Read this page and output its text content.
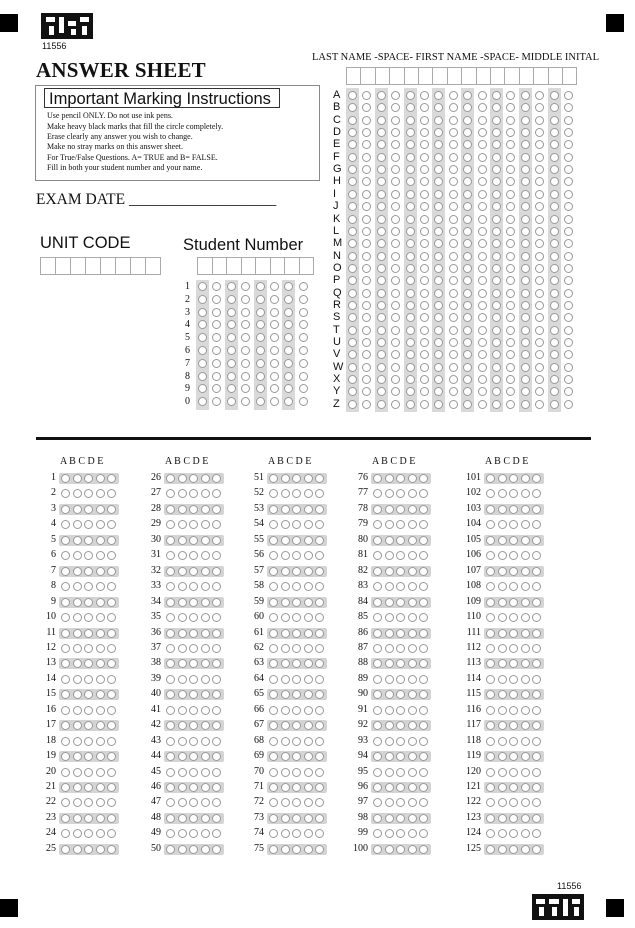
11556
ANSWER SHEET
Important Marking Instructions
Use pencil ONLY. Do not use ink pens.
Make heavy black marks that fill the circle completely.
Erase clearly any answer you wish to change.
Make no stray marks on this answer sheet.
For True/False Questions. A= TRUE and B= FALSE.
Fill in both your student number and your name.
EXAM DATE ___________________
UNIT CODE	Student Number
1
2
3
4
5
6
7
8
9
0
LAST NAME -SPACE- FIRST NAME -SPACE- MIDDLE INITAL
A
B
C
D
E
F
G
H
I
J
K
L
M
N
O
P
Q
R
S
T
U
V
W
X
Y
Z
A B C D E
1
2
3
4
5
6
7
8
9
10
11
12
13
14
15
16
17
18
19
20
21
22
23
24
25
A B C D E
26
27
28
29
30
31
32
33
34
35
36
37
38
39
40
41
42
43
44
45
46
47
48
49
50
A B C D E
51
52
53
54
55
56
57
58
59
60
61
62
63
64
65
66
67
68
69
70
71
72
73
74
75
A B C D E
76
77
78
79
80
81
82
83
84
85
86
87
88
89
90
91
92
93
94
95
96
97
98
99
100
A B C D E
101
102
103
104
105
106
107
108
109
110
111
112
113
114
115
116
117
118
119
120
121
122
123
124
125
11556
